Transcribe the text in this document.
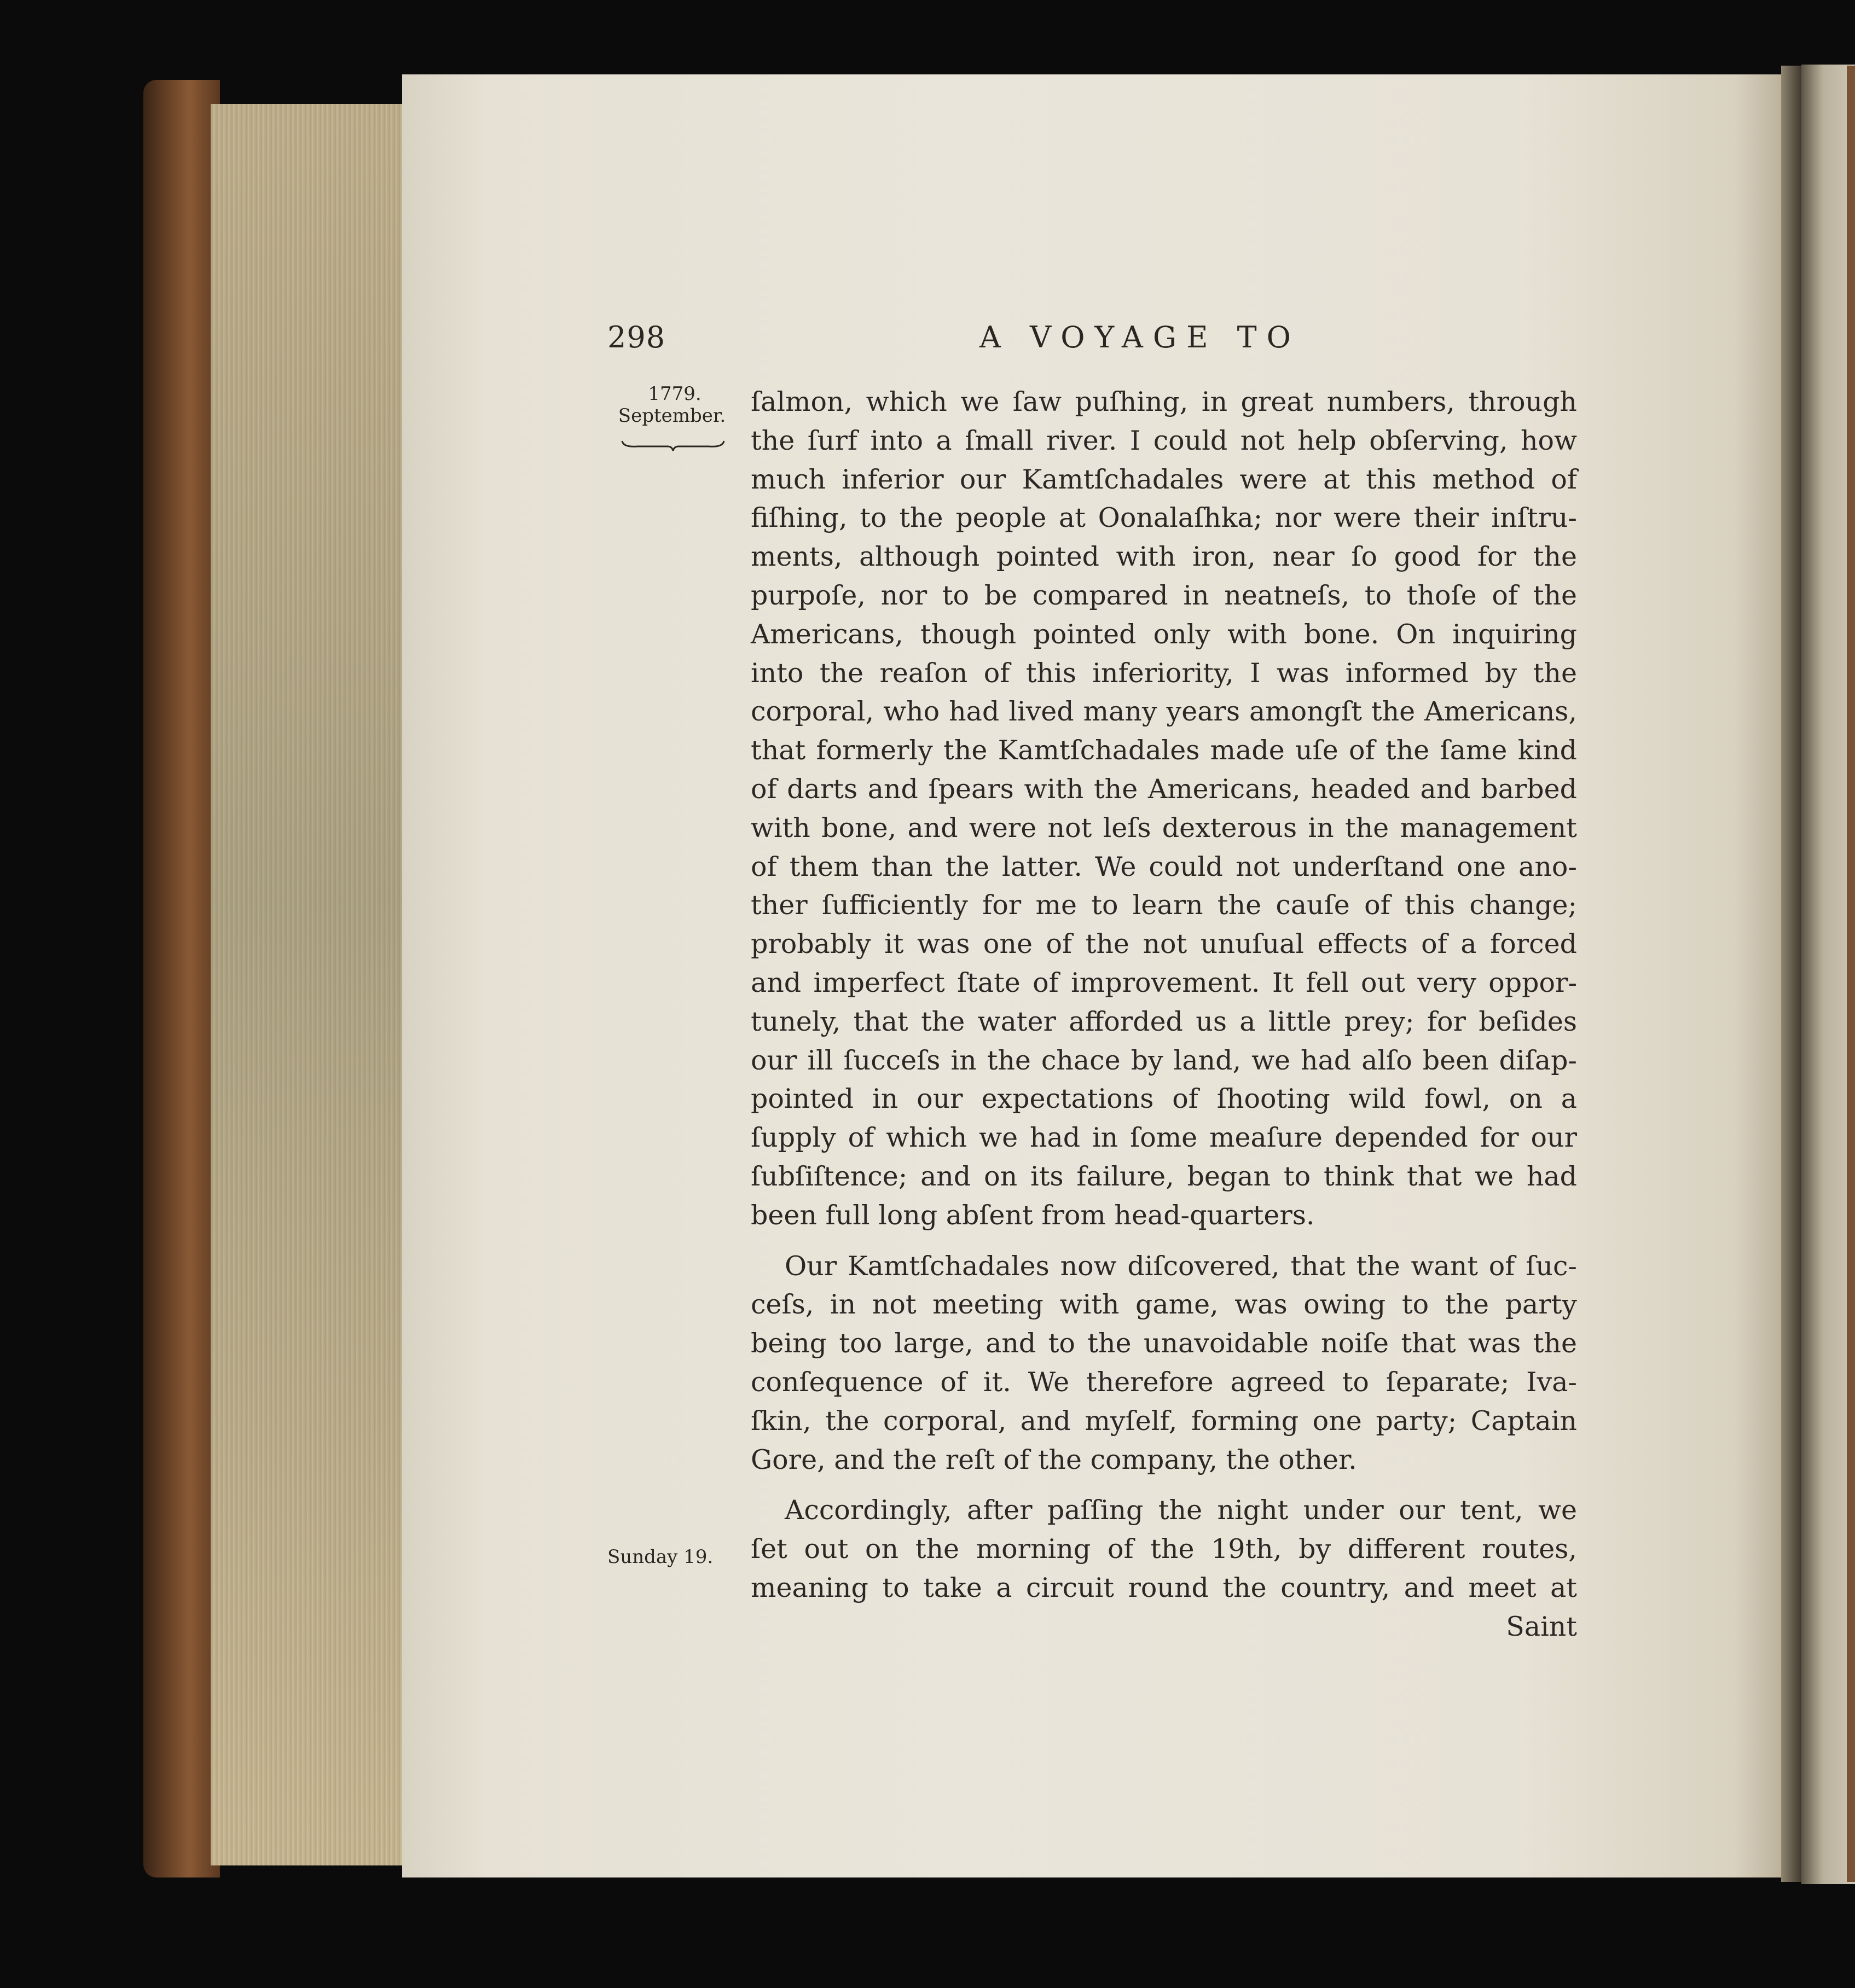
298	A VOYAGE TO
1779.
September.
Sunday 19.
ſalmon, which we ſaw puſhing, in great numbers, through
the ſurf into a ſmall river. I could not help obſerving, how
much inferior our Kamtſchadales were at this method of
fiſhing, to the people at Oonalaſhka; nor were their inſtru-
ments, although pointed with iron, near ſo good for the
purpoſe, nor to be compared in neatneſs, to thoſe of the
Americans, though pointed only with bone. On inquiring
into the reaſon of this inferiority, I was informed by the
corporal, who had lived many years amongſt the Americans,
that formerly the Kamtſchadales made uſe of the ſame kind
of darts and ſpears with the Americans, headed and barbed
with bone, and were not leſs dexterous in the management
of them than the latter. We could not underſtand one ano-
ther ſufficiently for me to learn the cauſe of this change;
probably it was one of the not unuſual effects of a forced
and imperfect ſtate of improvement. It fell out very oppor-
tunely, that the water afforded us a little prey; for beſides
our ill ſucceſs in the chace by land, we had alſo been diſap-
pointed in our expectations of ſhooting wild fowl, on a
ſupply of which we had in ſome meaſure depended for our
ſubſiſtence; and on its failure, began to think that we had
been full long abſent from head-quarters.
Our Kamtſchadales now diſcovered, that the want of ſuc-
ceſs, in not meeting with game, was owing to the party
being too large, and to the unavoidable noiſe that was the
conſequence of it. We therefore agreed to ſeparate; Iva-
ſkin, the corporal, and myſelf, forming one party; Captain
Gore, and the reſt of the company, the other.
Accordingly, after paſſing the night under our tent, we
ſet out on the morning of the 19th, by different routes,
meaning to take a circuit round the country, and meet at
Saint
